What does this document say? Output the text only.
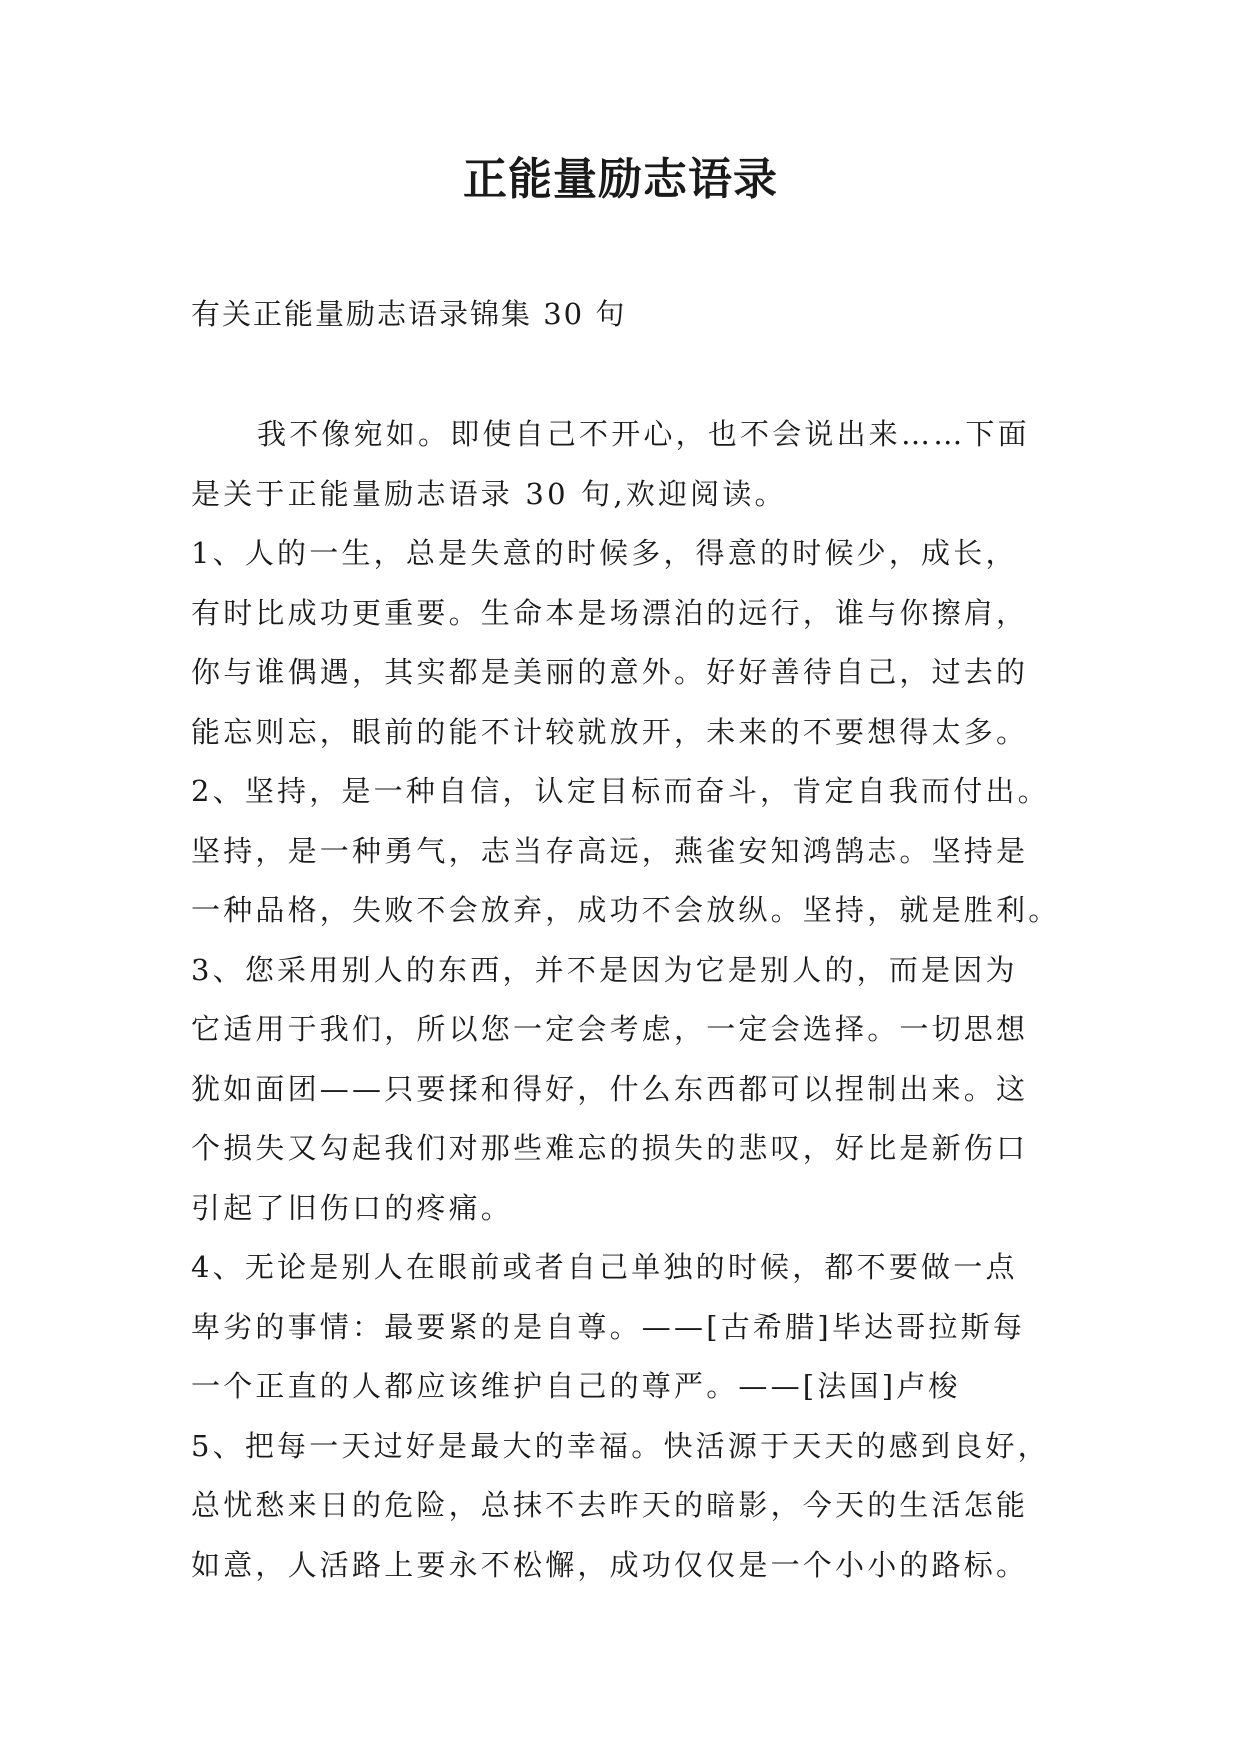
正能量励志语录

有关正能量励志语录锦集 30 句

我不像宛如。即使自己不开心，也不会说出来……下面
是关于正能量励志语录 30 句,欢迎阅读。
1、人的一生，总是失意的时候多，得意的时候少，成长，
有时比成功更重要。生命本是场漂泊的远行，谁与你擦肩，
你与谁偶遇，其实都是美丽的意外。好好善待自己，过去的
能忘则忘，眼前的能不计较就放开，未来的不要想得太多。
2、坚持，是一种自信，认定目标而奋斗，肯定自我而付出。
坚持，是一种勇气，志当存高远，燕雀安知鸿鹄志。坚持是
一种品格，失败不会放弃，成功不会放纵。坚持，就是胜利。
3、您采用别人的东西，并不是因为它是别人的，而是因为
它适用于我们，所以您一定会考虑，一定会选择。一切思想
犹如面团——只要揉和得好，什么东西都可以捏制出来。这
个损失又勾起我们对那些难忘的损失的悲叹，好比是新伤口
引起了旧伤口的疼痛。
4、无论是别人在眼前或者自己单独的时候，都不要做一点
卑劣的事情：最要紧的是自尊。——[古希腊]毕达哥拉斯每
一个正直的人都应该维护自己的尊严。——[法国]卢梭
5、把每一天过好是最大的幸福。快活源于天天的感到良好，
总忧愁来日的危险，总抹不去昨天的暗影，今天的生活怎能
如意，人活路上要永不松懈，成功仅仅是一个小小的路标。
